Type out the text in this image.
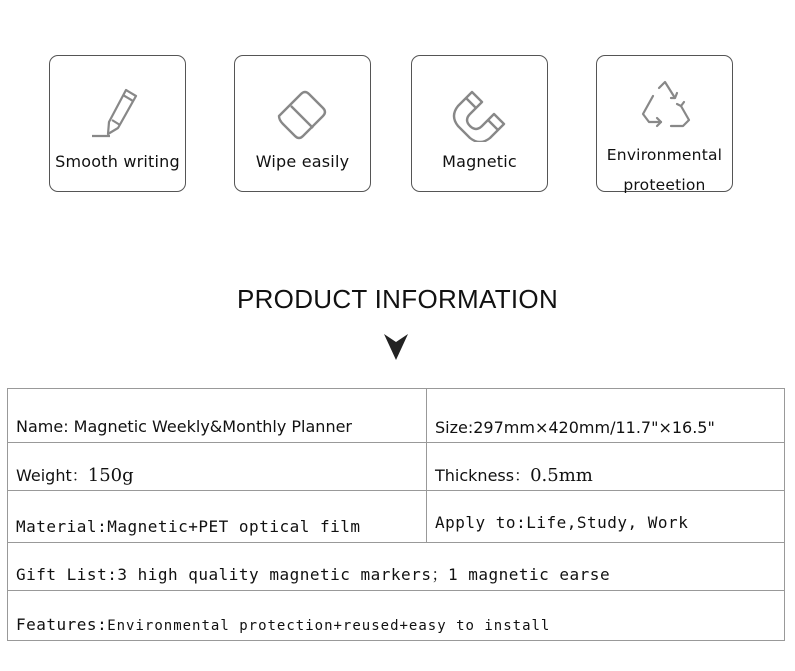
Smooth writing	Wipe easily	Magnetic	Environmental
proteetion
PRODUCT INFORMATION
Name: Magnetic Weekly&Monthly Planner	Size:297mm×420mm/11.7"×16.5"
Weight：150g	Thickness：0.5mm
Material:Magnetic+PET optical film	Apply to:Life,Study, Work
Gift List:3 high quality magnetic markers；1 magnetic earse	
Features:Environmental protection+reused+easy to install	
